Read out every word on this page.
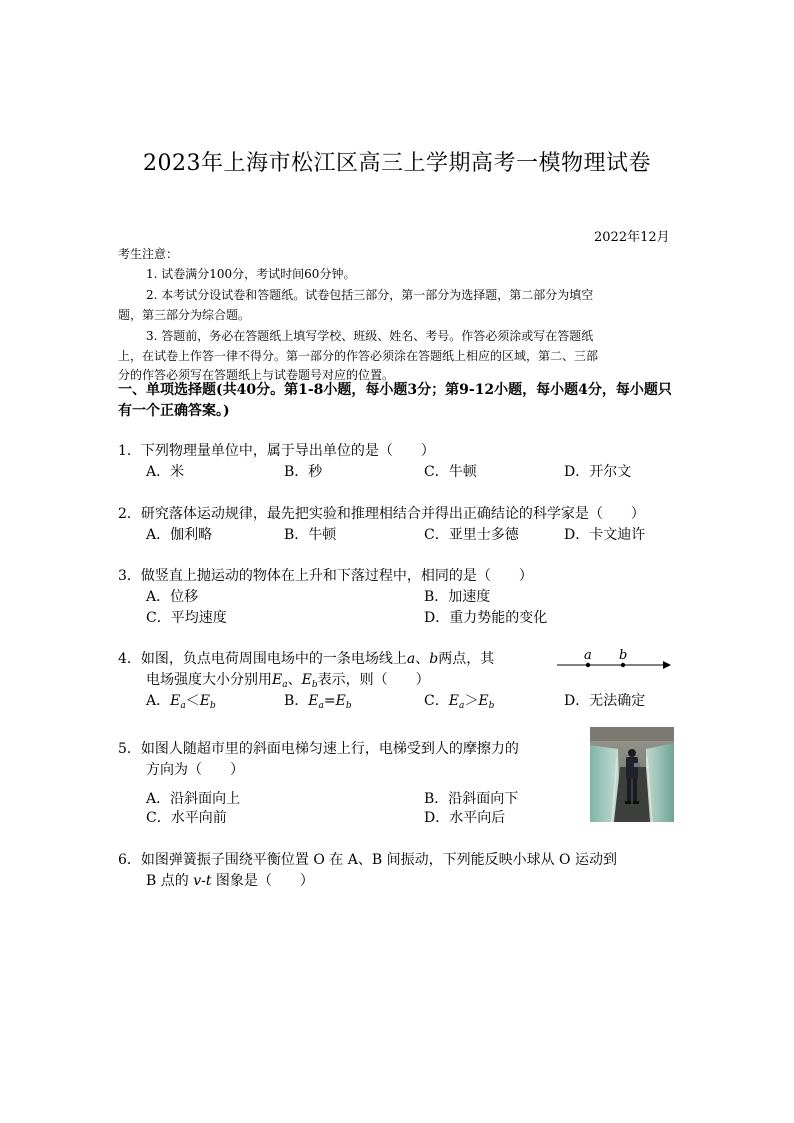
2023年上海市松江区高三上学期高考一模物理试卷
2022年12月
考生注意：
1. 试卷满分100分，考试时间60分钟。
2. 本考试分设试卷和答题纸。试卷包括三部分，第一部分为选择题，第二部分为填空
题，第三部分为综合题。
3. 答题前，务必在答题纸上填写学校、班级、姓名、考号。作答必须涂或写在答题纸
上，在试卷上作答一律不得分。第一部分的作答必须涂在答题纸上相应的区域，第二、三部
分的作答必须写在答题纸上与试卷题号对应的位置。
一、单项选择题(共40分。第1-8小题，每小题3分；第9-12小题，每小题4分，每小题只有一个正确答案。)
1．下列物理量单位中，属于导出单位的是（　　）
A．米	B．秒	C．牛顿	D．开尔文
2．研究落体运动规律，最先把实验和推理相结合并得出正确结论的科学家是（　　）
A．伽利略	B．牛顿	C．亚里士多德	D．卡文迪许
3．做竖直上抛运动的物体在上升和下落过程中，相同的是（　　）
A．位移	B．加速度
C．平均速度	D．重力势能的变化
4．如图，负点电荷周围电场中的一条电场线上a、b两点，其
电场强度大小分别用$E_a$、$E_b$表示，则（　　）
A．$E_a<E_b$	B．$E_a=E_b$	C．$E_a>E_b$	D．无法确定
a b
5．如图人随超市里的斜面电梯匀速上行，电梯受到人的摩擦力的
方向为（　　）
A．沿斜面向上	B．沿斜面向下
C．水平向前	D．水平向后
6．如图弹簧振子围绕平衡位置 O 在 A、B 间振动，下列能反映小球从 O 运动到
B 点的 v-t 图象是（　　）
